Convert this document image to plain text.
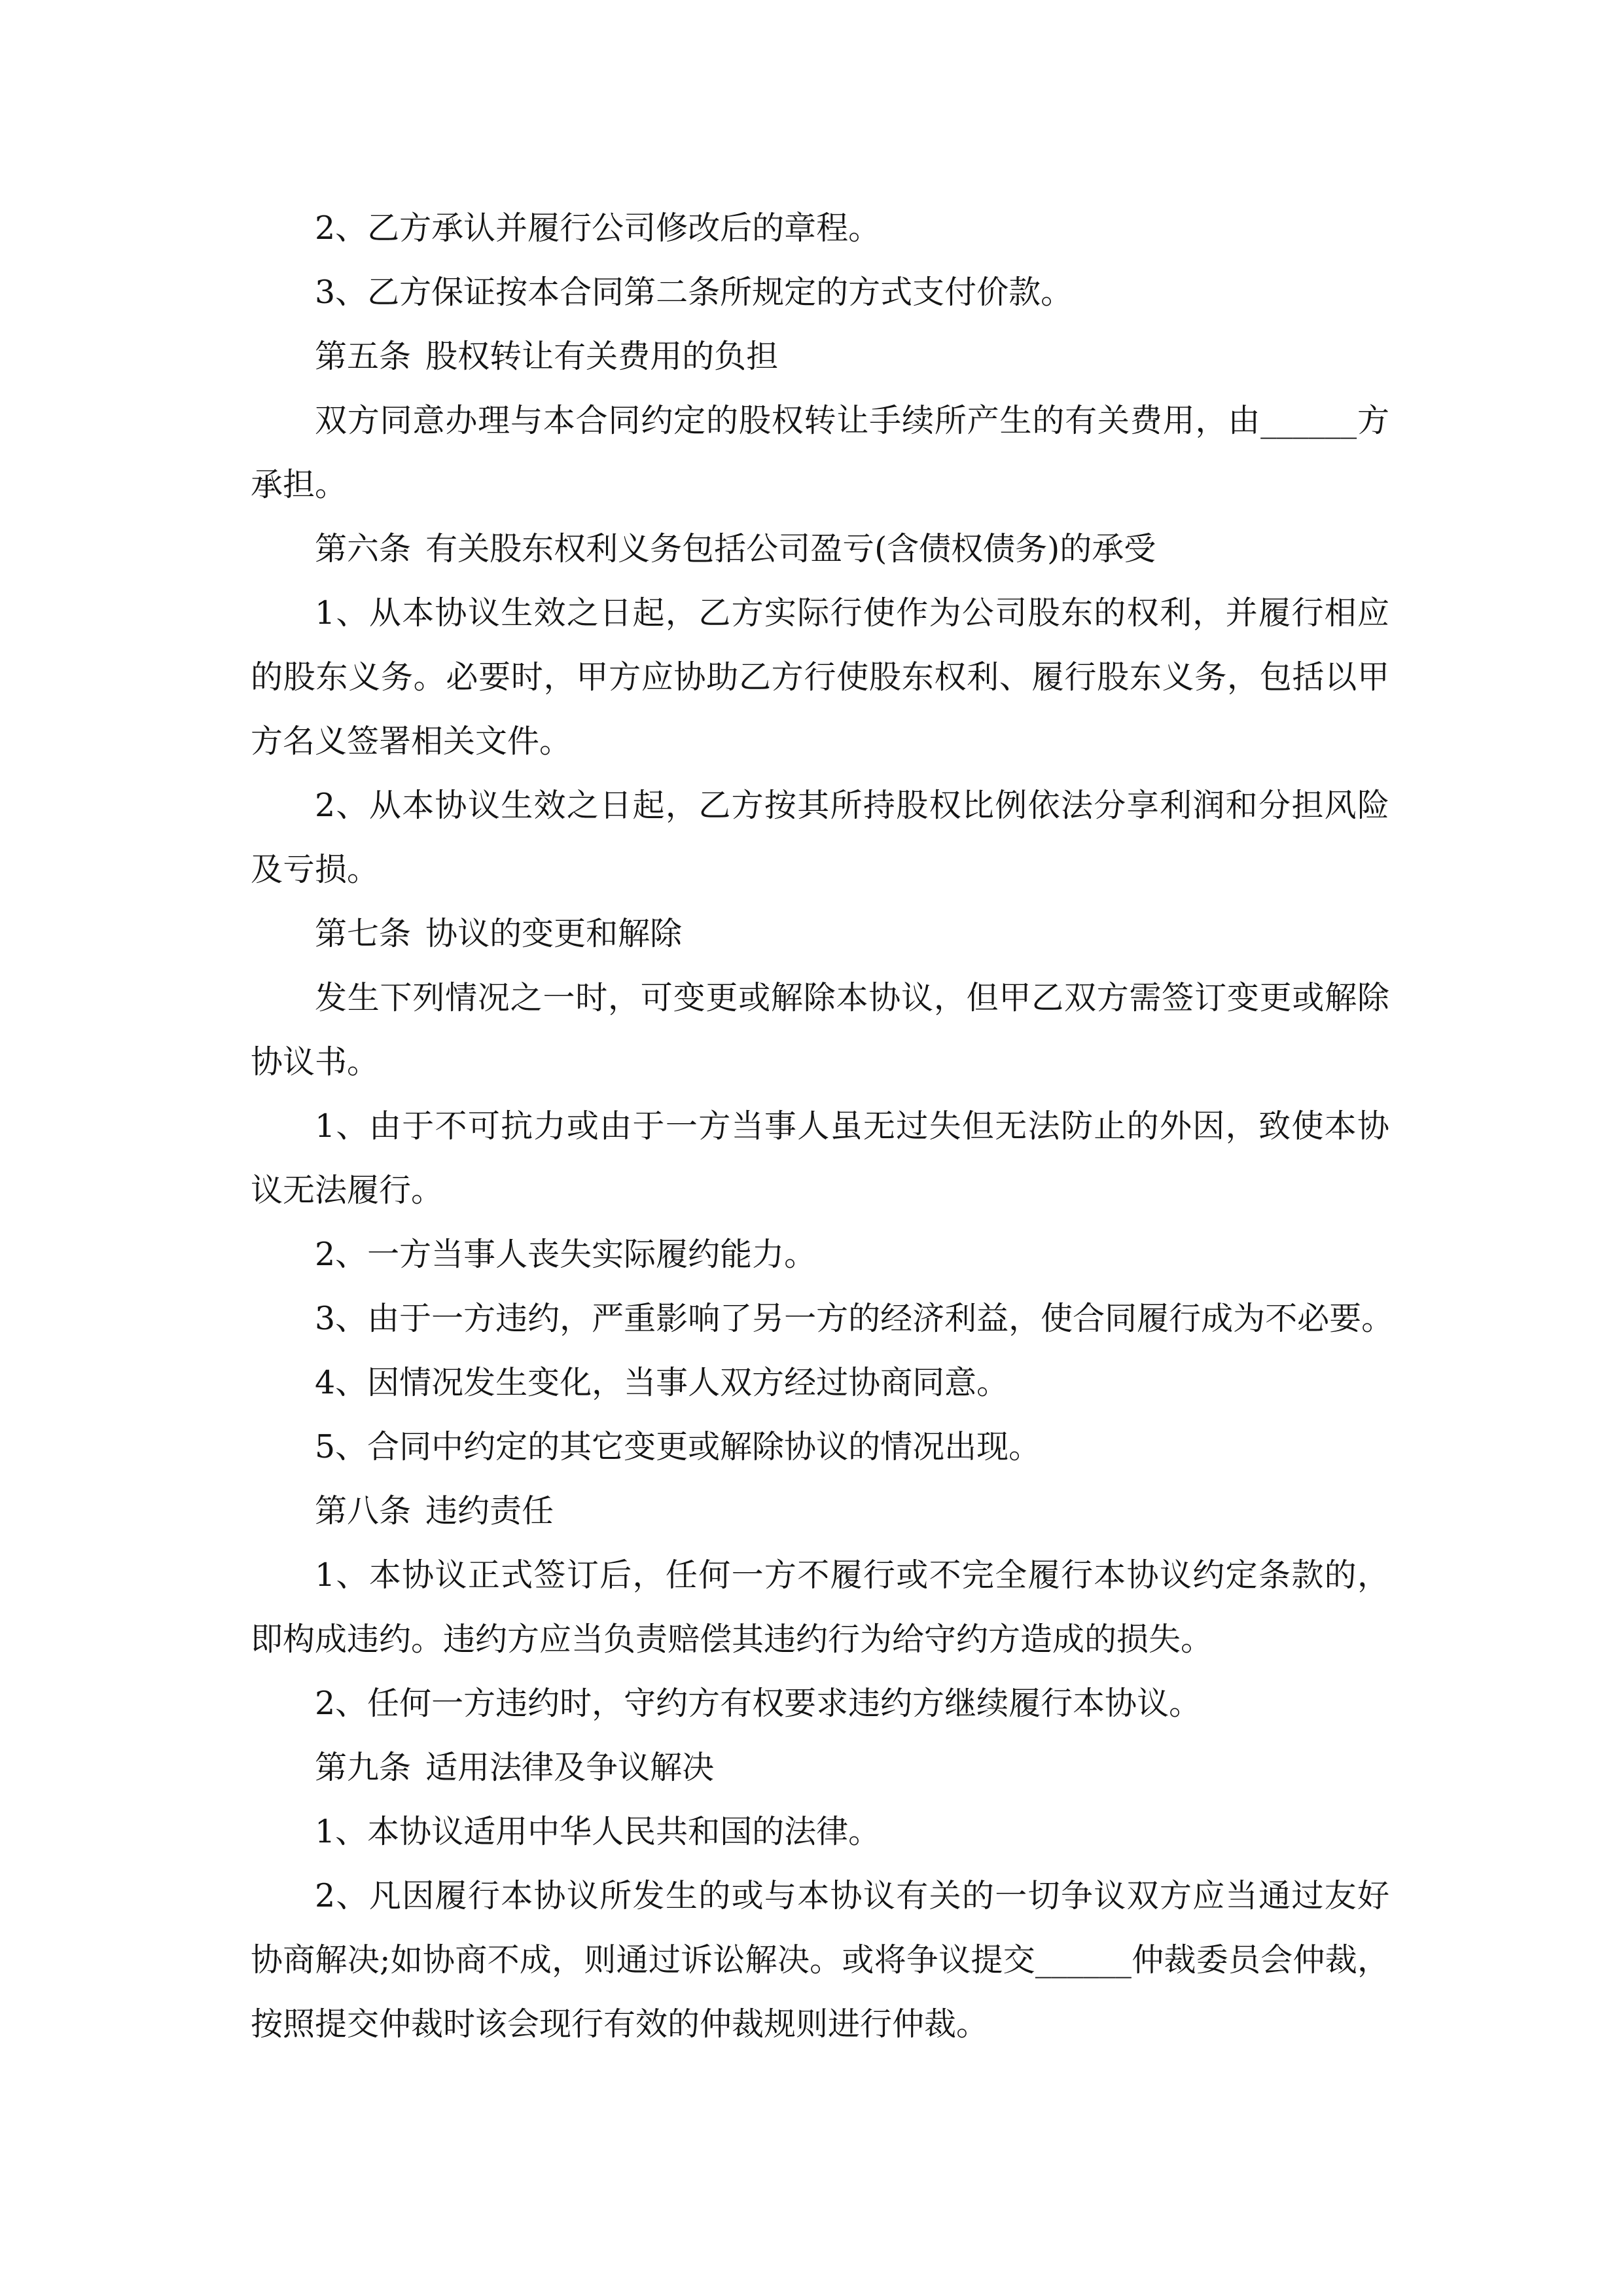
2、乙方承认并履行公司修改后的章程。
3、乙方保证按本合同第二条所规定的方式支付价款。
第五条 股权转让有关费用的负担
双方同意办理与本合同约定的股权转让手续所产生的有关费用，由______方
承担。
第六条 有关股东权利义务包括公司盈亏(含债权债务)的承受
1、从本协议生效之日起，乙方实际行使作为公司股东的权利，并履行相应
的股东义务。必要时，甲方应协助乙方行使股东权利、履行股东义务，包括以甲
方名义签署相关文件。
2、从本协议生效之日起，乙方按其所持股权比例依法分享利润和分担风险
及亏损。
第七条 协议的变更和解除
发生下列情况之一时，可变更或解除本协议，但甲乙双方需签订变更或解除
协议书。
1、由于不可抗力或由于一方当事人虽无过失但无法防止的外因，致使本协
议无法履行。
2、一方当事人丧失实际履约能力。
3、由于一方违约，严重影响了另一方的经济利益，使合同履行成为不必要。
4、因情况发生变化，当事人双方经过协商同意。
5、合同中约定的其它变更或解除协议的情况出现。
第八条 违约责任
1、本协议正式签订后，任何一方不履行或不完全履行本协议约定条款的，
即构成违约。违约方应当负责赔偿其违约行为给守约方造成的损失。
2、任何一方违约时，守约方有权要求违约方继续履行本协议。
第九条 适用法律及争议解决
1、本协议适用中华人民共和国的法律。
2、凡因履行本协议所发生的或与本协议有关的一切争议双方应当通过友好
协商解决;如协商不成，则通过诉讼解决。或将争议提交______仲裁委员会仲裁，
按照提交仲裁时该会现行有效的仲裁规则进行仲裁。
